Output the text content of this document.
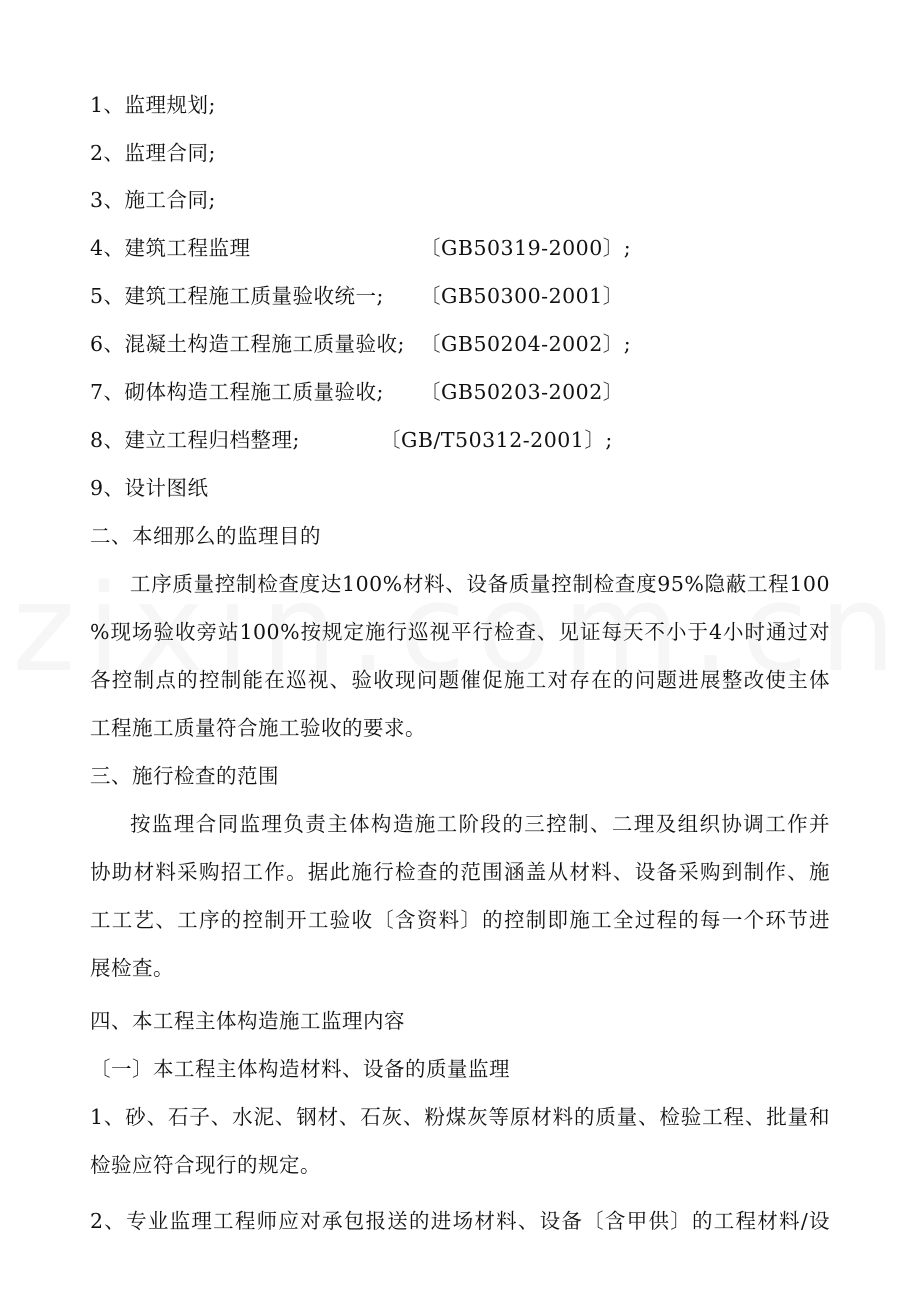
1、监理规划;
2、监理合同;
3、施工合同;
4、建筑工程监理	〔GB50319-2000〕;
5、建筑工程施工质量验收统一; 〔GB50300-2001〕
6、混凝土构造工程施工质量验收; 〔GB50204-2002〕;
7、砌体构造工程施工质量验收; 〔GB50203-2002〕
8、建立工程归档整理;	〔GB/T50312-2001〕;
9、设计图纸
二、本细那么的监理目的
工序质量控制检查度达100%材料、设备质量控制检查度95%隐蔽工程100
%现场验收旁站100%按规定施行巡视平行检查、见证每天不小于4小时通过对
各控制点的控制能在巡视、验收现问题催促施工对存在的问题进展整改使主体
工程施工质量符合施工验收的要求。
三、施行检查的范围
按监理合同监理负责主体构造施工阶段的三控制、二理及组织协调工作并
协助材料采购招工作。据此施行检查的范围涵盖从材料、设备采购到制作、施
工工艺、工序的控制开工验收〔含资料〕的控制即施工全过程的每一个环节进
展检查。
四、本工程主体构造施工监理内容
〔一〕本工程主体构造材料、设备的质量监理
1、砂、石子、水泥、钢材、石灰、粉煤灰等原材料的质量、检验工程、批量和
检验应符合现行的规定。
2、专业监理工程师应对承包报送的进场材料、设备〔含甲供〕的工程材料/设
